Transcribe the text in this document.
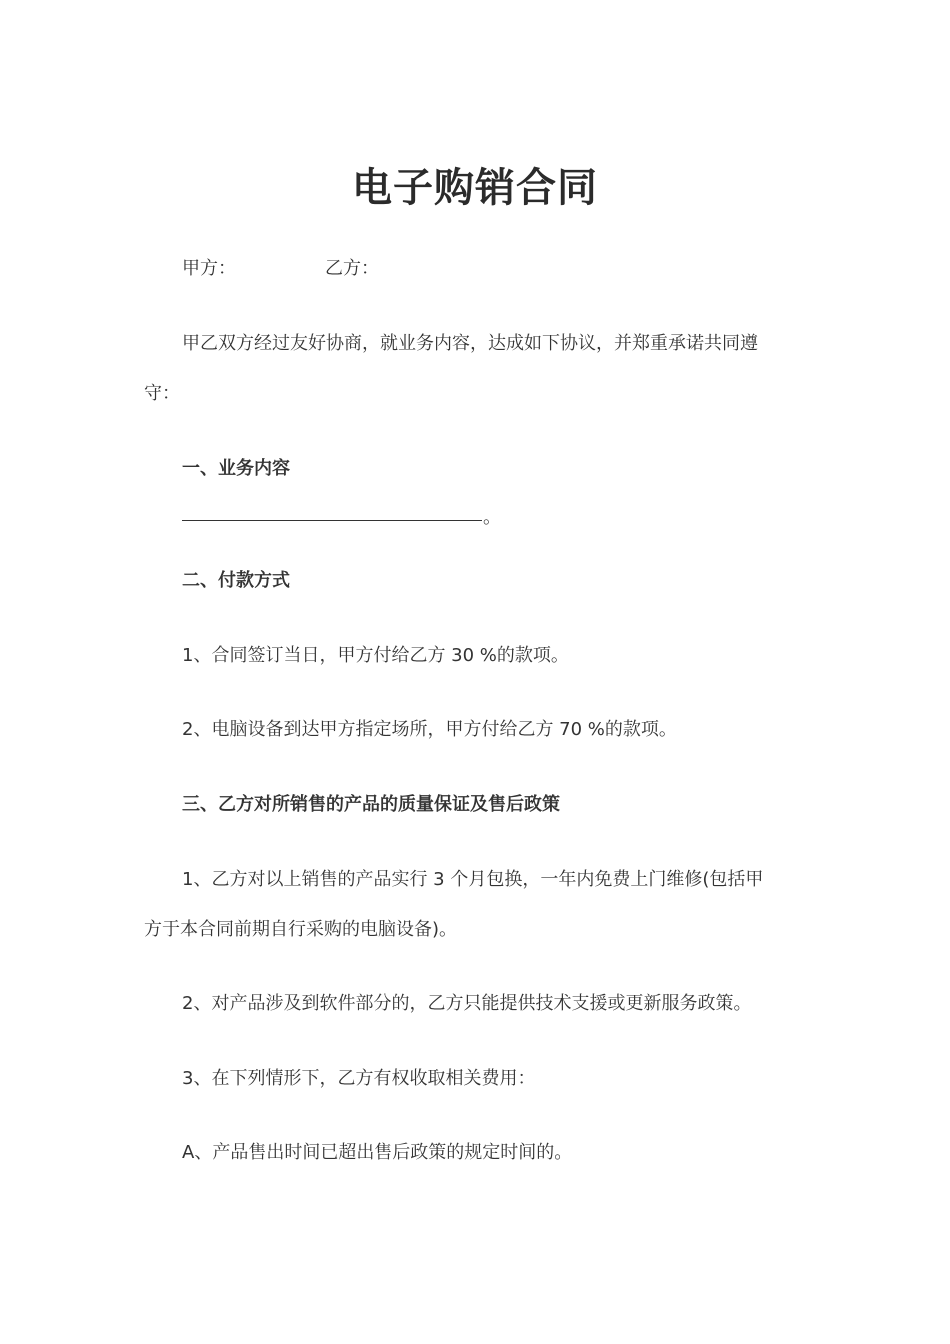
电子购销合同
甲方：	乙方：
甲乙双方经过友好协商，就业务内容，达成如下协议，并郑重承诺共同遵
守：
一、业务内容
。
二、付款方式
1、合同签订当日，甲方付给乙方 30 %的款项。
2、电脑设备到达甲方指定场所，甲方付给乙方 70 %的款项。
三、乙方对所销售的产品的质量保证及售后政策
1、乙方对以上销售的产品实行 3 个月包换，一年内免费上门维修(包括甲
方于本合同前期自行采购的电脑设备)。
2、对产品涉及到软件部分的，乙方只能提供技术支援或更新服务政策。
3、在下列情形下，乙方有权收取相关费用：
A、产品售出时间已超出售后政策的规定时间的。
